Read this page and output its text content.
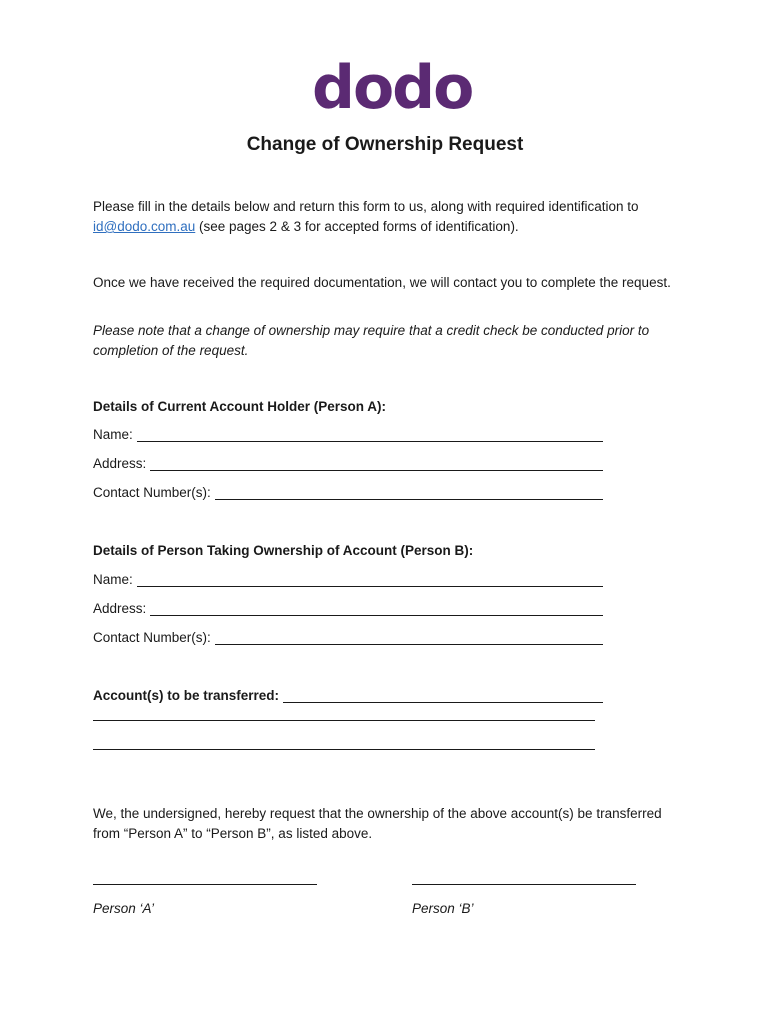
dodo
Change of Ownership Request

Please fill in the details below and return this form to us, along with required identification to id@dodo.com.au (see pages 2 & 3 for accepted forms of identification).

Once we have received the required documentation, we will contact you to complete the request.

Please note that a change of ownership may require that a credit check be conducted prior to completion of the request.

Details of Current Account Holder (Person A):
Name:
Address:
Contact Number(s):
Details of Person Taking Ownership of Account (Person B):
Name:
Address:
Contact Number(s):
Account(s) to be transferred:

We, the undersigned, hereby request that the ownership of the above account(s) be transferred from “Person A” to “Person B”, as listed above.

Person ‘A’	Person ‘B’
